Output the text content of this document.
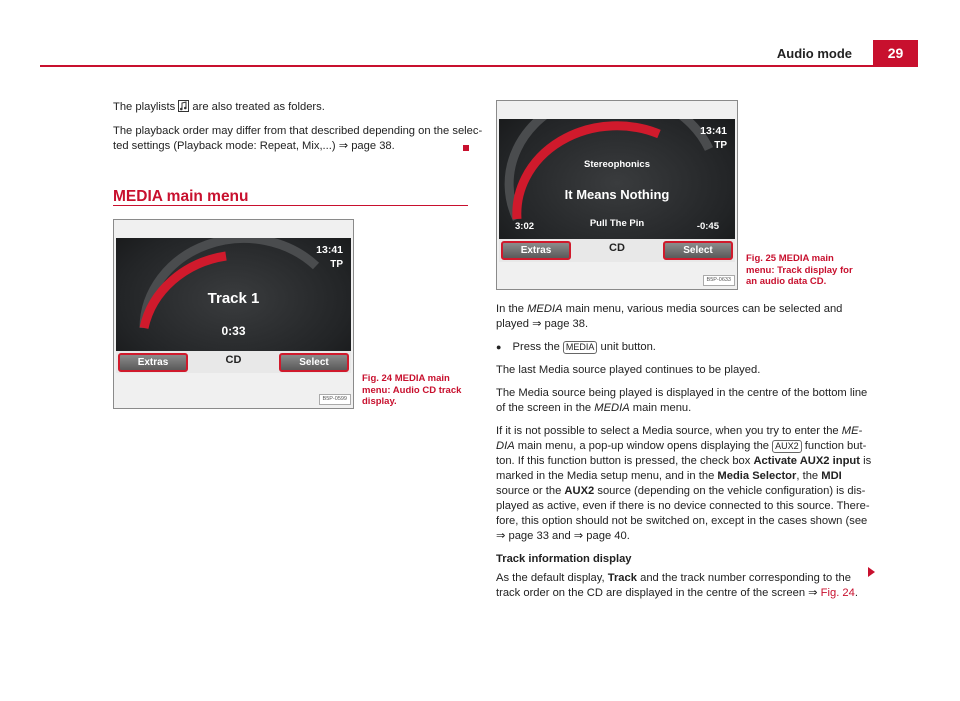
Audio mode	29

The playlists are also treated as folders.

The playback order may differ from that described depending on the selec-

ted settings (Playback mode: Repeat, Mix,...) ⇒ page 38.

MEDIA main menu
13:41
TP
Track 1
0:33
Extras	CD	Select
B5P-0599
Fig. 24 MEDIA main
menu: Audio CD track
display.
13:41
TP
Stereophonics
It Means Nothing
Pull The Pin
3:02	-0:45
Extras	CD	Select
B5P-0633
Fig. 25 MEDIA main
menu: Track display for
an audio data CD.

In the MEDIA main menu, various media sources can be selected and

played ⇒ page 38.

● Press the MEDIA unit button.

The last Media source played continues to be played.

The Media source being played is displayed in the centre of the bottom line

of the screen in the MEDIA main menu.

If it is not possible to select a Media source, when you try to enter the ME-

DIA main menu, a pop-up window opens displaying the AUX2 function but-

ton. If this function button is pressed, the check box Activate AUX2 input is

marked in the Media setup menu, and in the Media Selector, the MDI

source or the AUX2 source (depending on the vehicle configuration) is dis-

played as active, even if there is no device connected to this source. There-

fore, this option should not be switched on, except in the cases shown (see

⇒ page 33 and ⇒ page 40.

Track information display

As the default display, Track and the track number corresponding to the

track order on the CD are displayed in the centre of the screen ⇒ Fig. 24.
